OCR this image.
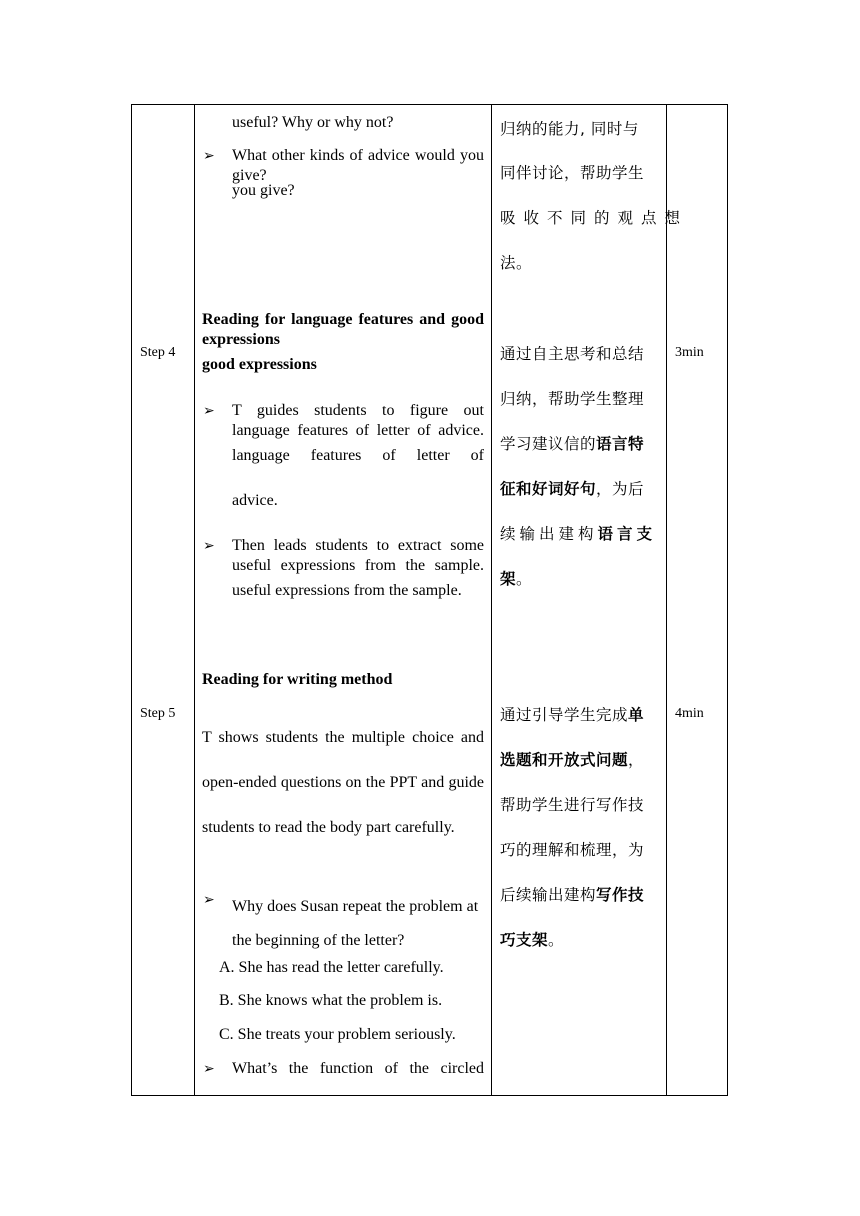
useful? Why or why not?
➢ What other kinds of advice would you give?
you give?
归纳的能力, 同时与
同伴讨论，帮助学生
吸收不同的观点想
法。
Step 4	3min
Reading for language features and good expressions
good expressions
➢ T guides students to figure out language features of letter of advice.
language features of letter of
advice.
➢ Then leads students to extract some useful expressions from the sample.
useful expressions from the sample.
通过自主思考和总结
归纳，帮助学生整理
学习建议信的语言特
征和好词好句，为后
续输出建构语言支
架。
Step 5	4min
Reading for writing method
T shows students the multiple choice and open-ended questions on the PPT and guide students to read the body part carefully.
➢ Why does Susan repeat the problem at the beginning of the letter?
A. She has read the letter carefully.
B. She knows what the problem is.
C. She treats your problem seriously.
➢ What’s the function of the circled
通过引导学生完成单
选题和开放式问题，
帮助学生进行写作技
巧的理解和梳理，为
后续输出建构写作技
巧支架。
